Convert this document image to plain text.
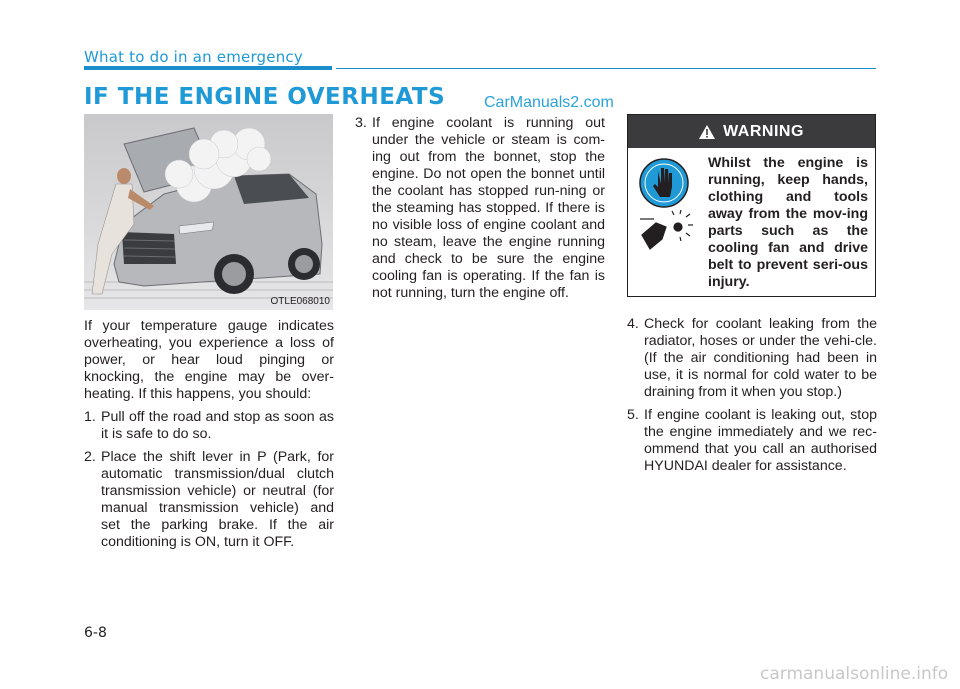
What to do in an emergency
IF THE ENGINE OVERHEATS CarManuals2.com
OTLE068010

If your temperature gauge indicates overheating, you experience a loss of power, or hear loud pinging or knocking, the engine may be over-heating. If this happens, you should:

1. Pull off the road and stop as soon as it is safe to do so.
2. Place the shift lever in P (Park, for automatic transmission/dual clutch transmission vehicle) or neutral (for manual transmission vehicle) and set the parking brake. If the air conditioning is ON, turn it OFF.
3. If engine coolant is running out under the vehicle or steam is com-ing out from the bonnet, stop the engine. Do not open the bonnet until the coolant has stopped run-ning or the steaming has stopped. If there is no visible loss of engine coolant and no steam, leave the engine running and check to be sure the engine cooling fan is operating. If the fan is not running, turn the engine off.
WARNING
Whilst the engine is running, keep hands, clothing and tools away from the mov-ing parts such as the cooling fan and drive belt to prevent seri-ous injury.
4. Check for coolant leaking from the radiator, hoses or under the vehi-cle. (If the air conditioning had been in use, it is normal for cold water to be draining from it when you stop.)
5. If engine coolant is leaking out, stop the engine immediately and we rec-ommend that you call an authorised HYUNDAI dealer for assistance.
6-8
carmanualsonline.info
